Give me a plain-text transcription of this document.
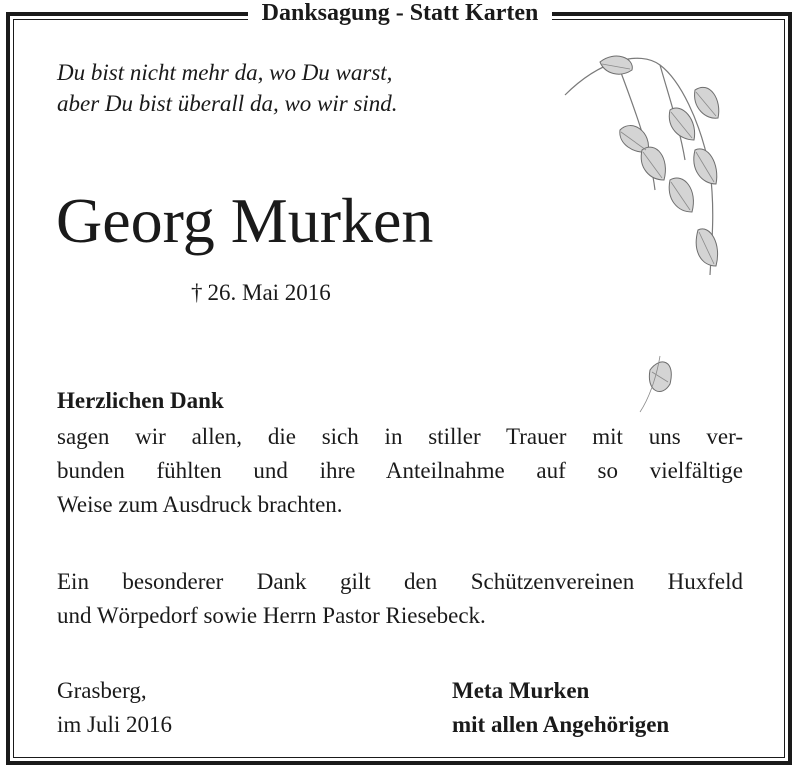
Danksagung - Statt Karten
Du bist nicht mehr da, wo Du warst,
aber Du bist überall da, wo wir sind.
Georg Murken
† 26. Mai 2016
Herzlichen Dank
sagen wir allen, die sich in stiller Trauer mit uns ver-
bunden fühlten und ihre Anteilnahme auf so vielfältige
Weise zum Ausdruck brachten.
Ein besonderer Dank gilt den Schützenvereinen Huxfeld
und Wörpedorf sowie Herrn Pastor Riesebeck.
Grasberg,
im Juli 2016
Meta Murken
mit allen Angehörigen
